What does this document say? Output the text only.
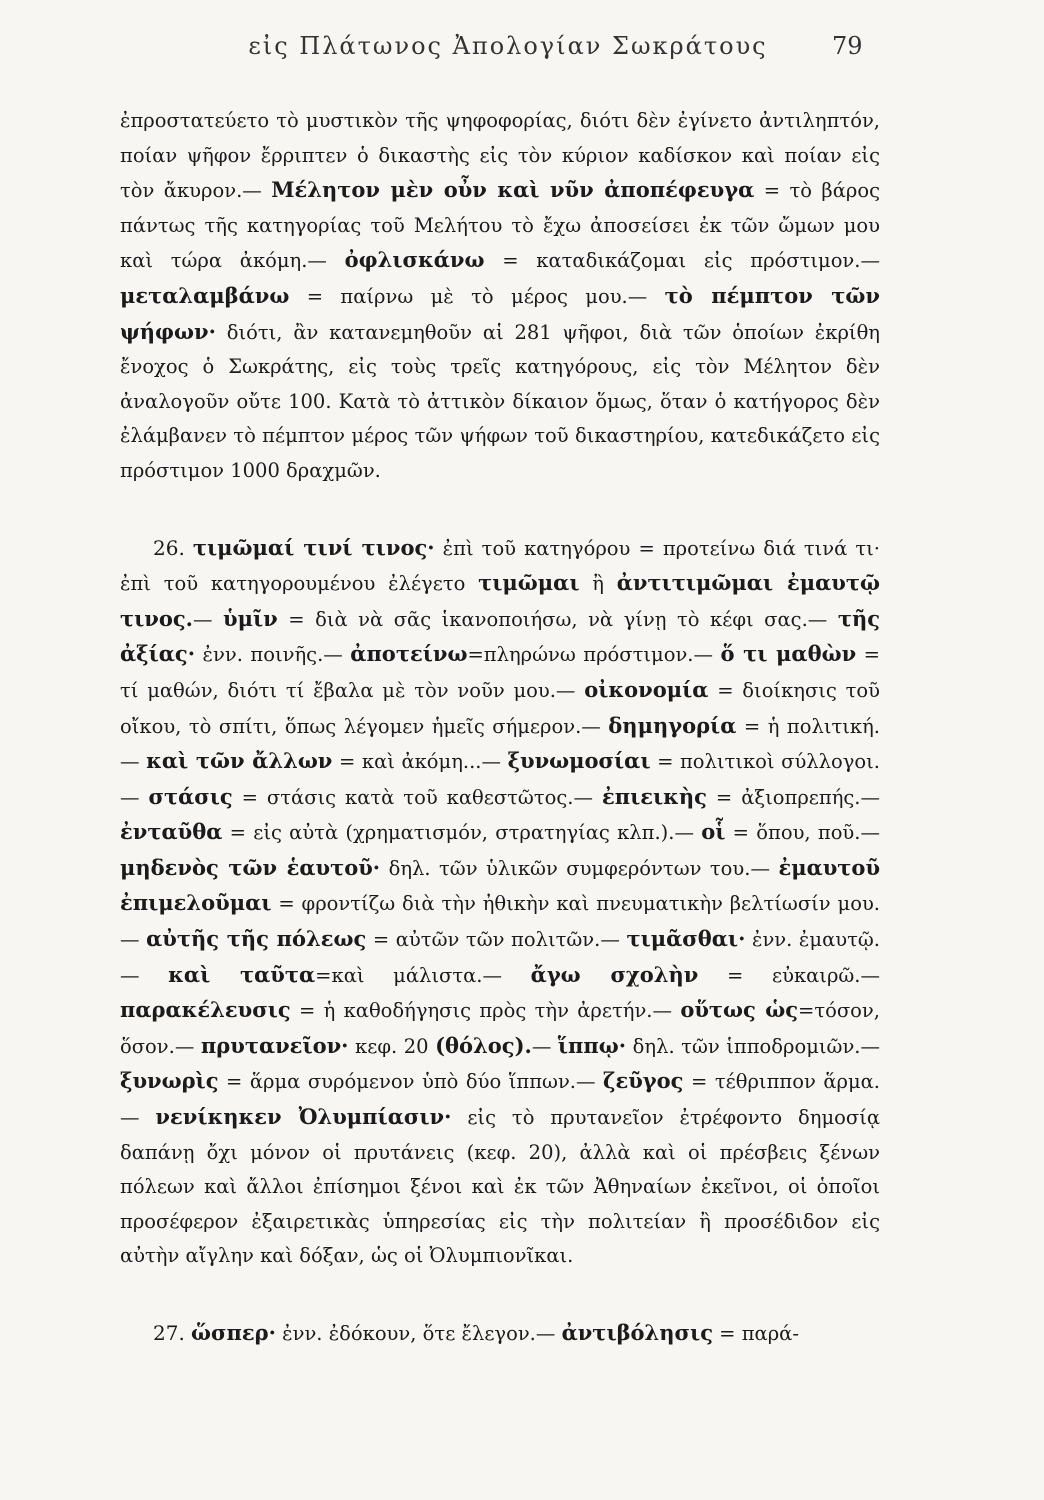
εἰς Πλάτωνος Ἀπολογίαν Σωκράτους	79

ἐπροστατεύετο τὸ μυστικὸν τῆς ψηφοφορίας, διότι δὲν ἐγίνετο ἀντιληπτόν, ποίαν ψῆφον ἔρριπτεν ὁ δικαστὴς εἰς τὸν κύριον καδίσκον καὶ ποίαν εἰς τὸν ἄκυρον.— Μέλητον μὲν οὖν καὶ νῦν ἀποπέφευγα = τὸ βάρος πάντως τῆς κατηγορίας τοῦ Μελήτου τὸ ἔχω ἀποσείσει ἐκ τῶν ὤμων μου καὶ τώρα ἀκόμη.— ὀφλισκάνω = καταδικάζομαι εἰς πρόστιμον.— μεταλαμβάνω = παίρνω μὲ τὸ μέρος μου.— τὸ πέμπτον τῶν ψήφων· διότι, ἂν κατανεμηθοῦν αἱ 281 ψῆφοι, διὰ τῶν ὁποίων ἐκρίθη ἔνοχος ὁ Σωκράτης, εἰς τοὺς τρεῖς κατηγόρους, εἰς τὸν Μέλητον δὲν ἀναλογοῦν οὔτε 100. Κατὰ τὸ ἀττικὸν δίκαιον ὅμως, ὅταν ὁ κατήγορος δὲν ἐλάμβανεν τὸ πέμπτον μέρος τῶν ψήφων τοῦ δικαστηρίου, κατεδικάζετο εἰς πρόστιμον 1000 δραχμῶν.

26. τιμῶμαί τινί τινος· ἐπὶ τοῦ κατηγόρου = προτείνω διά τινά τι· ἐπὶ τοῦ κατηγορουμένου ἐλέγετο τιμῶμαι ἢ ἀντιτιμῶμαι ἐμαυτῷ τινος.— ὑμῖν = διὰ νὰ σᾶς ἱκανοποιήσω, νὰ γίνῃ τὸ κέφι σας.— τῆς ἀξίας· ἐνν. ποινῆς.— ἀποτείνω=πληρώνω πρόστιμον.— ὅ τι μαθὼν = τί μαθών, διότι τί ἔβαλα μὲ τὸν νοῦν μου.— οἰκονομία = διοίκησις τοῦ οἴκου, τὸ σπίτι, ὅπως λέγομεν ἡμεῖς σήμερον.— δημηγορία = ἡ πολιτική.— καὶ τῶν ἄλλων = καὶ ἀκόμη...— ξυνωμοσίαι = πολιτικοὶ σύλλογοι.— στάσις = στάσις κατὰ τοῦ καθεστῶτος.— ἐπιεικὴς = ἀξιοπρεπής.— ἐνταῦθα = εἰς αὐτὰ (χρηματισμόν, στρατηγίας κλπ.).— οἷ = ὅπου, ποῦ.— μηδενὸς τῶν ἑαυτοῦ· δηλ. τῶν ὑλικῶν συμφερόντων του.— ἐμαυτοῦ ἐπιμελοῦμαι = φροντίζω διὰ τὴν ἠθικὴν καὶ πνευματικὴν βελτίωσίν μου.— αὐτῆς τῆς πόλεως = αὐτῶν τῶν πολιτῶν.— τιμᾶσθαι· ἐνν. ἐμαυτῷ.— καὶ ταῦτα=καὶ μάλιστα.— ἄγω σχολὴν = εὐκαιρῶ.— παρακέλευσις = ἡ καθοδήγησις πρὸς τὴν ἀρετήν.— οὕτως ὡς=τόσον, ὅσον.— πρυτανεῖον· κεφ. 20 (θόλος).— ἵππῳ· δηλ. τῶν ἱπποδρομιῶν.— ξυνωρὶς = ἅρμα συρόμενον ὑπὸ δύο ἵππων.— ζεῦγος = τέθριππον ἅρμα.— νενίκηκεν Ὀλυμπίασιν· εἰς τὸ πρυτανεῖον ἐτρέφοντο δημοσίᾳ δαπάνῃ ὄχι μόνον οἱ πρυτάνεις (κεφ. 20), ἀλλὰ καὶ οἱ πρέσβεις ξένων πόλεων καὶ ἄλλοι ἐπίσημοι ξένοι καὶ ἐκ τῶν Ἀθηναίων ἐκεῖνοι, οἱ ὁποῖοι προσέφερον ἐξαιρετικὰς ὑπηρεσίας εἰς τὴν πολιτείαν ἢ προσέδιδον εἰς αὐτὴν αἴγλην καὶ δόξαν, ὡς οἱ Ὀλυμπιονῖκαι.

27. ὥσπερ· ἐνν. ἐδόκουν, ὅτε ἔλεγον.— ἀντιβόλησις = παρά-
